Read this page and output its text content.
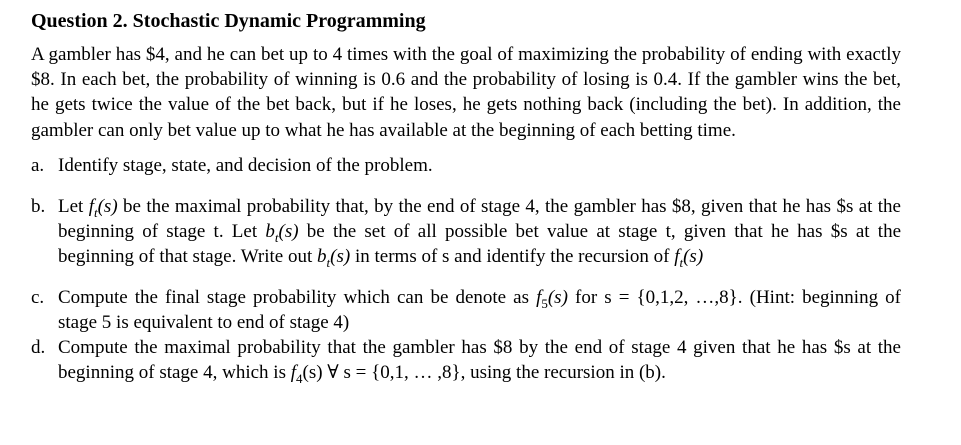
Question 2. Stochastic Dynamic Programming

A gambler has $4, and he can bet up to 4 times with the goal of maximizing the probability of ending with exactly $8. In each bet, the probability of winning is 0.6 and the probability of losing is 0.4. If the gambler wins the bet, he gets twice the value of the bet back, but if he loses, he gets nothing back (including the bet). In addition, the gambler can only bet value up to what he has available at the beginning of each betting time.

a. Identify stage, state, and decision of the problem.
b. Let $f_t(s)$ be the maximal probability that, by the end of stage 4, the gambler has $8, given that he has $s at the beginning of stage t. Let $b_t(s)$ be the set of all possible bet value at stage t, given that he has $s at the beginning of that stage. Write out $b_t(s)$ in terms of s and identify the recursion of $f_t(s)$
c. Compute the final stage probability which can be denote as $f_5(s)$ for s = {0,1,2, …,8}. (Hint: beginning of stage 5 is equivalent to end of stage 4)
d. Compute the maximal probability that the gambler has $8 by the end of stage 4 given that he has $s at the beginning of stage 4, which is $f_4(s)$ ∀ s = {0,1, … ,8}, using the recursion in (b).
